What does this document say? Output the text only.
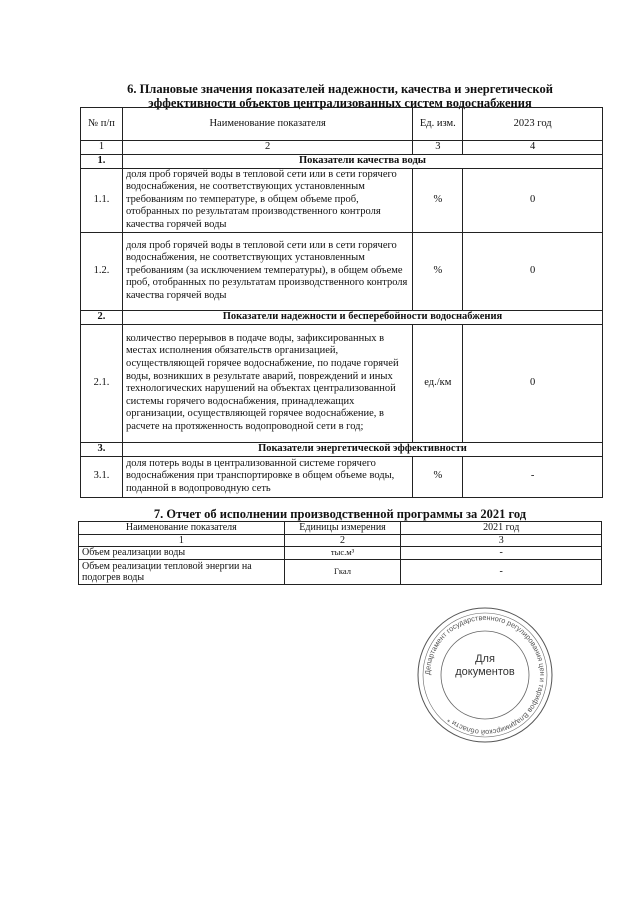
6. Плановые значения показателей надежности, качества и энергетической
эффективности объектов централизованных систем водоснабжения
№ п/п	Наименование показателя	Ед. изм.	2023 год
1	2	3	4
1.	Показатели качества воды		
1.1.	доля проб горячей воды в тепловой сети или в сети горячего водоснабжения, не соответствующих установленным требованиям по температуре, в общем объеме проб, отобранных по результатам производственного контроля качества горячей воды	%	0
1.2.	доля проб горячей воды в тепловой сети или в сети горячего водоснабжения, не соответствующих установленным требованиям (за исключением температуры), в общем объеме проб, отобранных по результатам производственного контроля качества горячей воды	%	0
2.	Показатели надежности и бесперебойности водоснабжения		
2.1.	количество перерывов в подаче воды, зафиксированных в местах исполнения обязательств организацией, осуществляющей горячее водоснабжение, по подаче горячей воды, возникших в результате аварий, повреждений и иных технологических нарушений на объектах централизованной системы горячего водоснабжения, принадлежащих организации, осуществляющей горячее водоснабжение, в расчете на протяженность водопроводной сети в год;	ед./км	0
3.	Показатели энергетической эффективности		
3.1.	доля потерь воды в централизованной системе горячего водоснабжения при транспортировке в общем объеме воды, поданной в водопроводную сеть	%	-
7. Отчет об исполнении производственной программы за 2021 год
Наименование показателя	Единицы измерения	2021 год
1	2	3
Объем реализации воды	тыс.м³	-
Объем реализации тепловой энергии на подогрев воды	Гкал	-
Департамент государственного регулирования цен и тарифов Владимирской области *
Для
документов
